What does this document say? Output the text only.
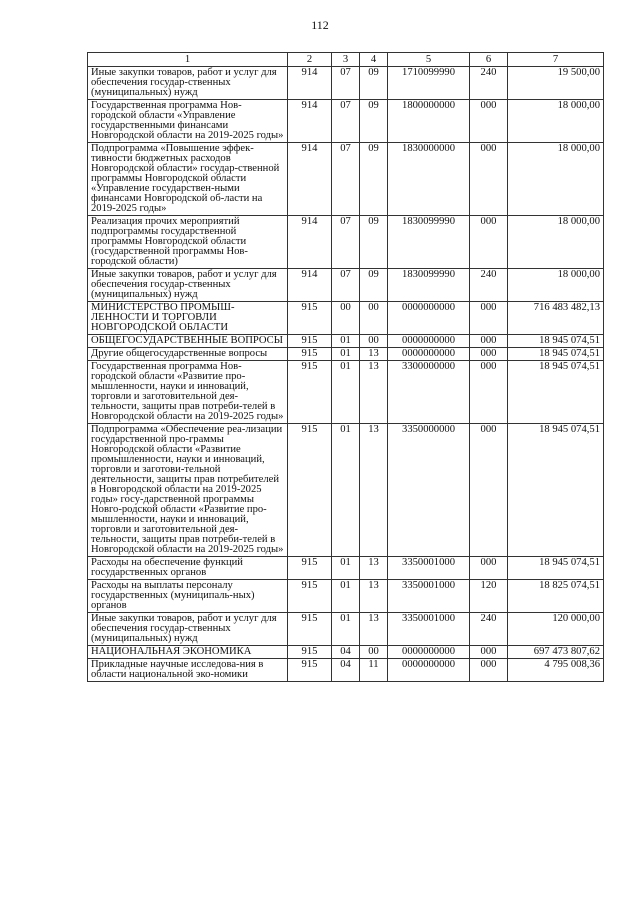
112
1	2	3	4	5	6	7
Иные закупки товаров, работ и услуг для обеспечения государ-ственных (муниципальных) нужд	914	07	09	1710099990	240	19 500,00
Государственная программа Нов-городской области «Управление государственными финансами Новгородской области на 2019-2025 годы»	914	07	09	1800000000	000	18 000,00
Подпрограмма «Повышение эффек-тивности бюджетных расходов Новгородской области» государ-ственной программы Новгородской области «Управление государствен-ными финансами Новгородской об-ласти на 2019-2025 годы»	914	07	09	1830000000	000	18 000,00
Реализация прочих мероприятий подпрограммы государственной программы Новгородской области (государственной программы Нов-городской области)	914	07	09	1830099990	000	18 000,00
Иные закупки товаров, работ и услуг для обеспечения государ-ственных (муниципальных) нужд	914	07	09	1830099990	240	18 000,00
МИНИСТЕРСТВО ПРОМЫШ-ЛЕННОСТИ И ТОРГОВЛИ НОВГОРОДСКОЙ ОБЛАСТИ	915	00	00	0000000000	000	716 483 482,13
ОБЩЕГОСУДАРСТВЕННЫЕ ВОПРОСЫ	915	01	00	0000000000	000	18 945 074,51
Другие общегосударственные вопросы	915	01	13	0000000000	000	18 945 074,51
Государственная программа Нов-городской области «Развитие про-мышленности, науки и инноваций, торговли и заготовительной дея-тельности, защиты прав потреби-телей в Новгородской области на 2019-2025 годы»	915	01	13	3300000000	000	18 945 074,51
Подпрограмма «Обеспечение реа-лизации государственной про-граммы Новгородской области «Развитие промышленности, науки и инноваций, торговли и заготови-тельной деятельности, защиты прав потребителей в Новгородской области на 2019-2025 годы» госу-дарственной программы Новго-родской области «Развитие про-мышленности, науки и инноваций, торговли и заготовительной дея-тельности, защиты прав потреби-телей в Новгородской области на 2019-2025 годы»	915	01	13	3350000000	000	18 945 074,51
Расходы на обеспечение функций государственных органов	915	01	13	3350001000	000	18 945 074,51
Расходы на выплаты персоналу государственных (муниципаль-ных) органов	915	01	13	3350001000	120	18 825 074,51
Иные закупки товаров, работ и услуг для обеспечения государ-ственных (муниципальных) нужд	915	01	13	3350001000	240	120 000,00
НАЦИОНАЛЬНАЯ ЭКОНОМИКА	915	04	00	0000000000	000	697 473 807,62
Прикладные научные исследова-ния в области национальной эко-номики	915	04	11	0000000000	000	4 795 008,36
